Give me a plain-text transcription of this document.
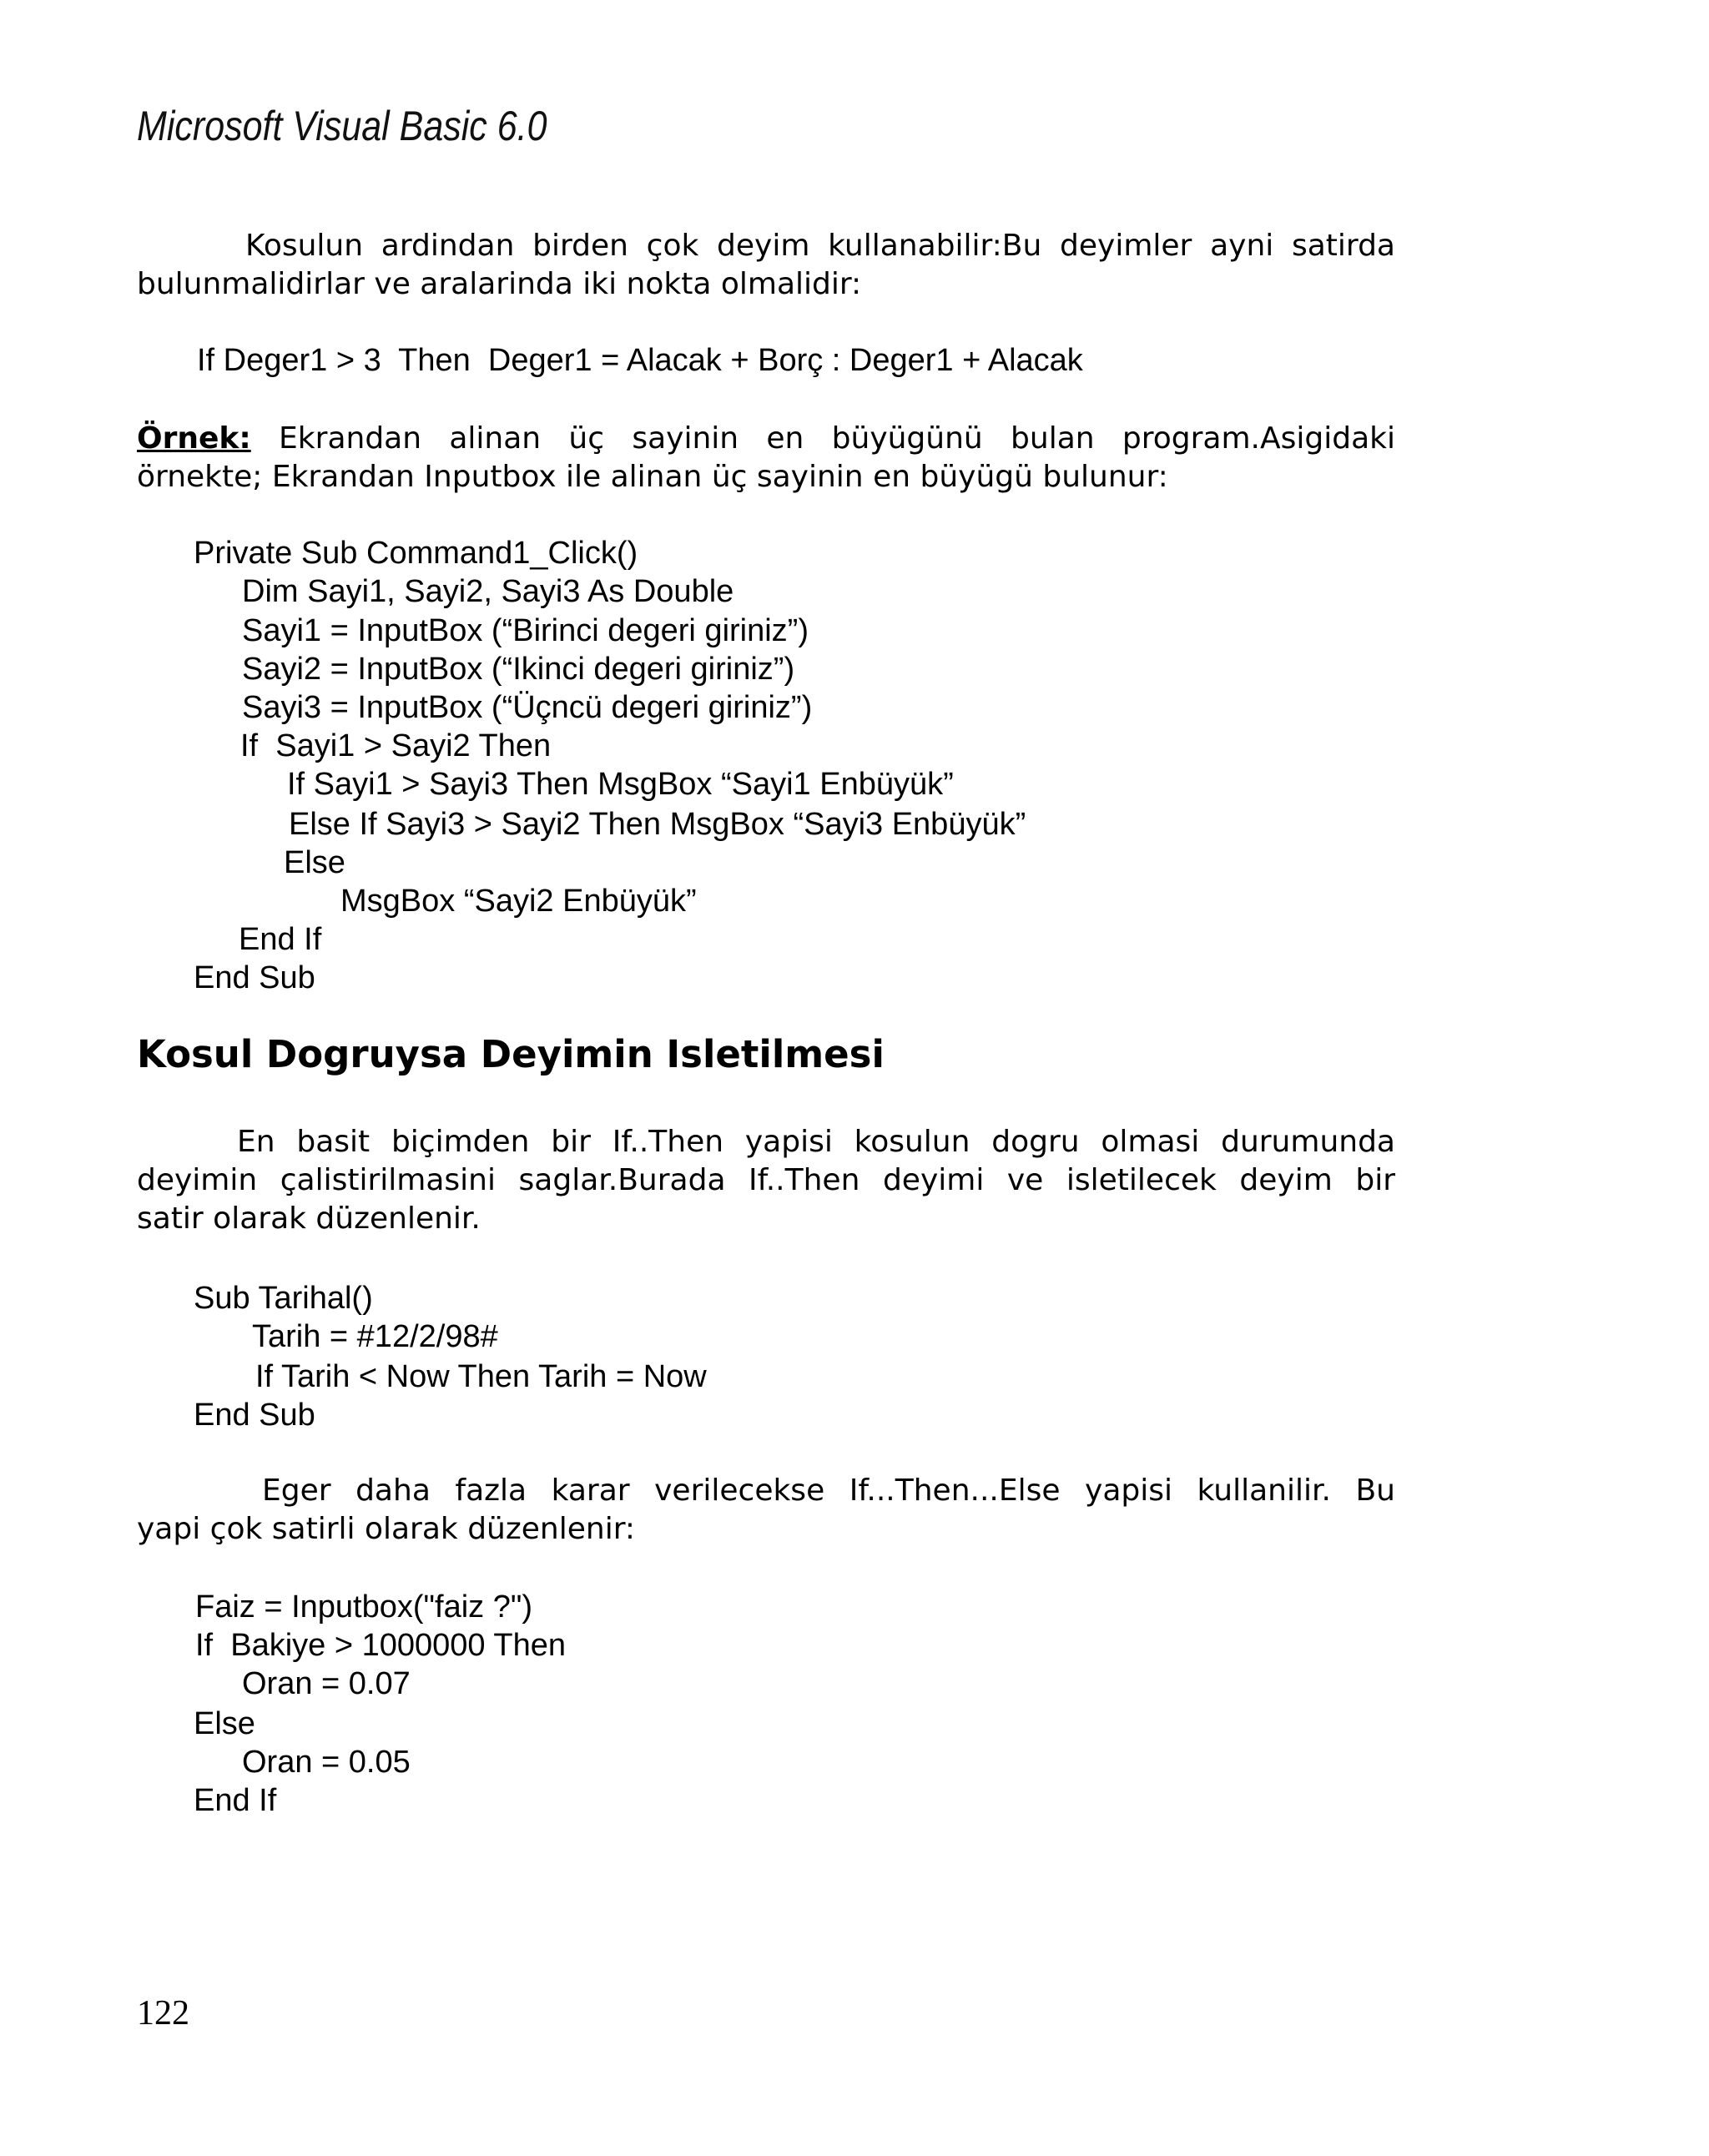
Microsoft Visual Basic 6.0
Kosulun ardindan birden çok deyim kullanabilir:Bu deyimler ayni satirda
bulunmalidirlar ve aralarinda iki nokta olmalidir:
If Deger1 > 3  Then  Deger1 = Alacak + Borç : Deger1 + Alacak
Örnek: Ekrandan alinan üç sayinin en büyügünü bulan program.Asigidaki
örnekte; Ekrandan Inputbox ile alinan üç sayinin en büyügü bulunur:
Private Sub Command1_Click()
Dim Sayi1, Sayi2, Sayi3 As Double
Sayi1 = InputBox (“Birinci degeri giriniz”)
Sayi2 = InputBox (“Ikinci degeri giriniz”)
Sayi3 = InputBox (“Üçncü degeri giriniz”)
If  Sayi1 > Sayi2 Then
If Sayi1 > Sayi3 Then MsgBox “Sayi1 Enbüyük”
Else If Sayi3 > Sayi2 Then MsgBox “Sayi3 Enbüyük”
Else
MsgBox “Sayi2 Enbüyük”
End If
End Sub
Kosul Dogruysa Deyimin Isletilmesi
En basit biçimden bir If..Then yapisi kosulun dogru olmasi durumunda
deyimin çalistirilmasini saglar.Burada If..Then deyimi ve isletilecek deyim bir
satir olarak düzenlenir.
Sub Tarihal()
Tarih = #12/2/98#
If Tarih < Now Then Tarih = Now
End Sub
Eger daha fazla karar verilecekse If...Then...Else yapisi kullanilir. Bu
yapi çok satirli olarak düzenlenir:
Faiz = Inputbox("faiz ?")
If  Bakiye > 1000000 Then
Oran = 0.07
Else
Oran = 0.05
End If
122
